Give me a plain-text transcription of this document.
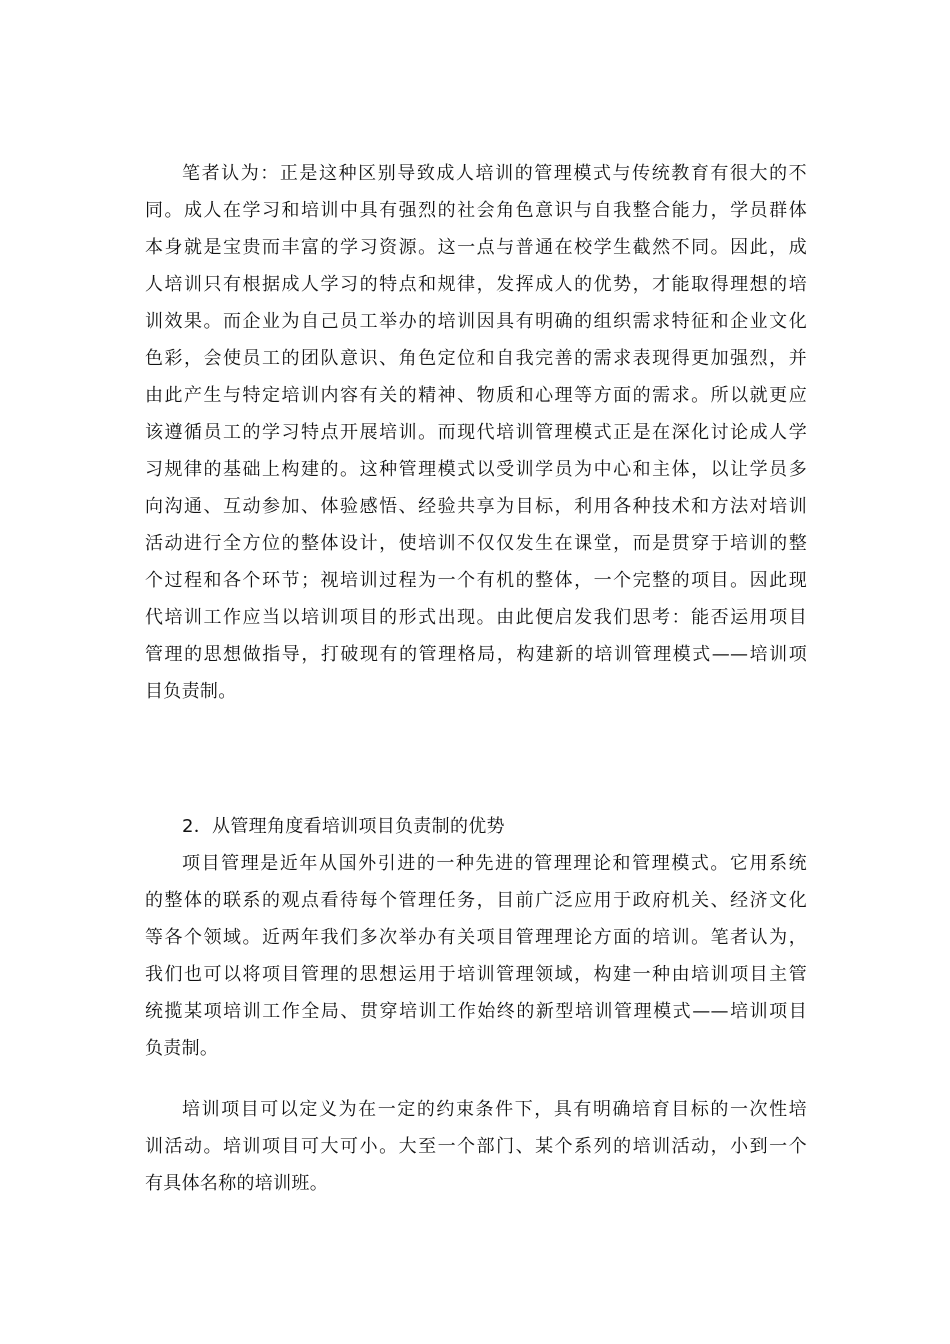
笔者认为：正是这种区别导致成人培训的管理模式与传统教育有很大的不
同。成人在学习和培训中具有强烈的社会角色意识与自我整合能力，学员群体
本身就是宝贵而丰富的学习资源。这一点与普通在校学生截然不同。因此，成
人培训只有根据成人学习的特点和规律，发挥成人的优势，才能取得理想的培
训效果。而企业为自己员工举办的培训因具有明确的组织需求特征和企业文化
色彩，会使员工的团队意识、角色定位和自我完善的需求表现得更加强烈，并
由此产生与特定培训内容有关的精神、物质和心理等方面的需求。所以就更应
该遵循员工的学习特点开展培训。而现代培训管理模式正是在深化讨论成人学
习规律的基础上构建的。这种管理模式以受训学员为中心和主体，以让学员多
向沟通、互动参加、体验感悟、经验共享为目标，利用各种技术和方法对培训
活动进行全方位的整体设计，使培训不仅仅发生在课堂，而是贯穿于培训的整
个过程和各个环节；视培训过程为一个有机的整体，一个完整的项目。因此现
代培训工作应当以培训项目的形式出现。由此便启发我们思考：能否运用项目
管理的思想做指导，打破现有的管理格局，构建新的培训管理模式——培训项
目负责制。
2．从管理角度看培训项目负责制的优势
项目管理是近年从国外引进的一种先进的管理理论和管理模式。它用系统
的整体的联系的观点看待每个管理任务，目前广泛应用于政府机关、经济文化
等各个领域。近两年我们多次举办有关项目管理理论方面的培训。笔者认为，
我们也可以将项目管理的思想运用于培训管理领域，构建一种由培训项目主管
统揽某项培训工作全局、贯穿培训工作始终的新型培训管理模式——培训项目
负责制。
培训项目可以定义为在一定的约束条件下，具有明确培育目标的一次性培
训活动。培训项目可大可小。大至一个部门、某个系列的培训活动，小到一个
有具体名称的培训班。
